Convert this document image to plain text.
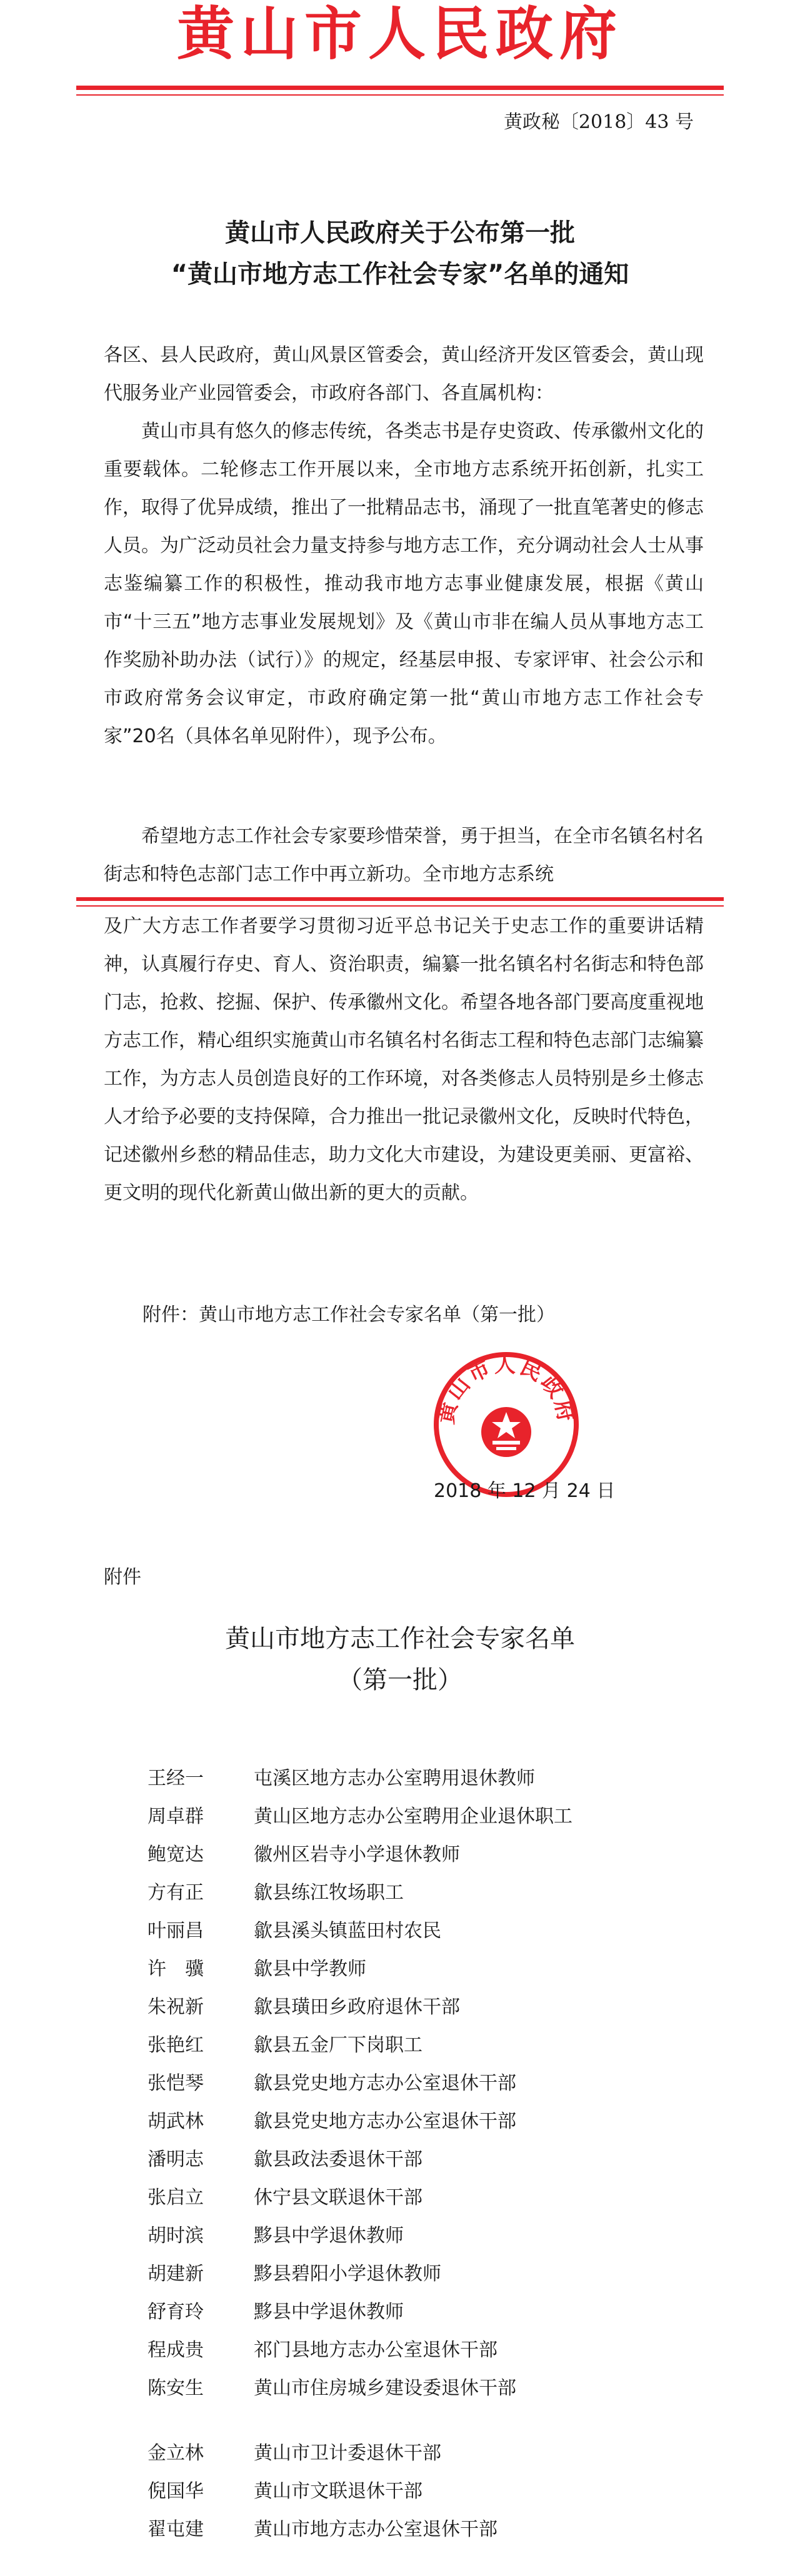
黄山市人民政府
黄政秘〔2018〕43 号
黄山市人民政府关于公布第一批
“黄山市地方志工作社会专家”名单的通知

各区、县人民政府，黄山风景区管委会，黄山经济开发区管委会，黄山现代服务业产业园管委会，市政府各部门、各直属机构：

黄山市具有悠久的修志传统，各类志书是存史资政、传承徽州文化的重要载体。二轮修志工作开展以来，全市地方志系统开拓创新，扎实工作，取得了优异成绩，推出了一批精品志书，涌现了一批直笔著史的修志人员。为广泛动员社会力量支持参与地方志工作，充分调动社会人士从事志鉴编纂工作的积极性，推动我市地方志事业健康发展，根据《黄山市“十三五”地方志事业发展规划》及《黄山市非在编人员从事地方志工作奖励补助办法（试行）》的规定，经基层申报、专家评审、社会公示和市政府常务会议审定，市政府确定第一批“黄山市地方志工作社会专家”20名（具体名单见附件），现予公布。

希望地方志工作社会专家要珍惜荣誉，勇于担当，在全市名镇名村名街志和特色志部门志工作中再立新功。全市地方志系统

及广大方志工作者要学习贯彻习近平总书记关于史志工作的重要讲话精神，认真履行存史、育人、资治职责，编纂一批名镇名村名街志和特色部门志，抢救、挖掘、保护、传承徽州文化。希望各地各部门要高度重视地方志工作，精心组织实施黄山市名镇名村名街志工程和特色志部门志编纂工作，为方志人员创造良好的工作环境，对各类修志人员特别是乡土修志人才给予必要的支持保障，合力推出一批记录徽州文化，反映时代特色，记述徽州乡愁的精品佳志，助力文化大市建设，为建设更美丽、更富裕、更文明的现代化新黄山做出新的更大的贡献。

附件：黄山市地方志工作社会专家名单（第一批）
黄山市人民政府
2018 年 12 月 24 日
附件
黄山市地方志工作社会专家名单
（第一批）
王经一	屯溪区地方志办公室聘用退休教师
周卓群	黄山区地方志办公室聘用企业退休职工
鲍宽达	徽州区岩寺小学退休教师
方有正	歙县练江牧场职工
叶丽昌	歙县溪头镇蓝田村农民
许　骥	歙县中学教师
朱祝新	歙县璜田乡政府退休干部
张艳红	歙县五金厂下岗职工
张恺琴	歙县党史地方志办公室退休干部
胡武林	歙县党史地方志办公室退休干部
潘明志	歙县政法委退休干部
张启立	休宁县文联退休干部
胡时滨	黟县中学退休教师
胡建新	黟县碧阳小学退休教师
舒育玲	黟县中学退休教师
程成贵	祁门县地方志办公室退休干部
陈安生	黄山市住房城乡建设委退休干部
金立林	黄山市卫计委退休干部
倪国华	黄山市文联退休干部
翟屯建	黄山市地方志办公室退休干部
